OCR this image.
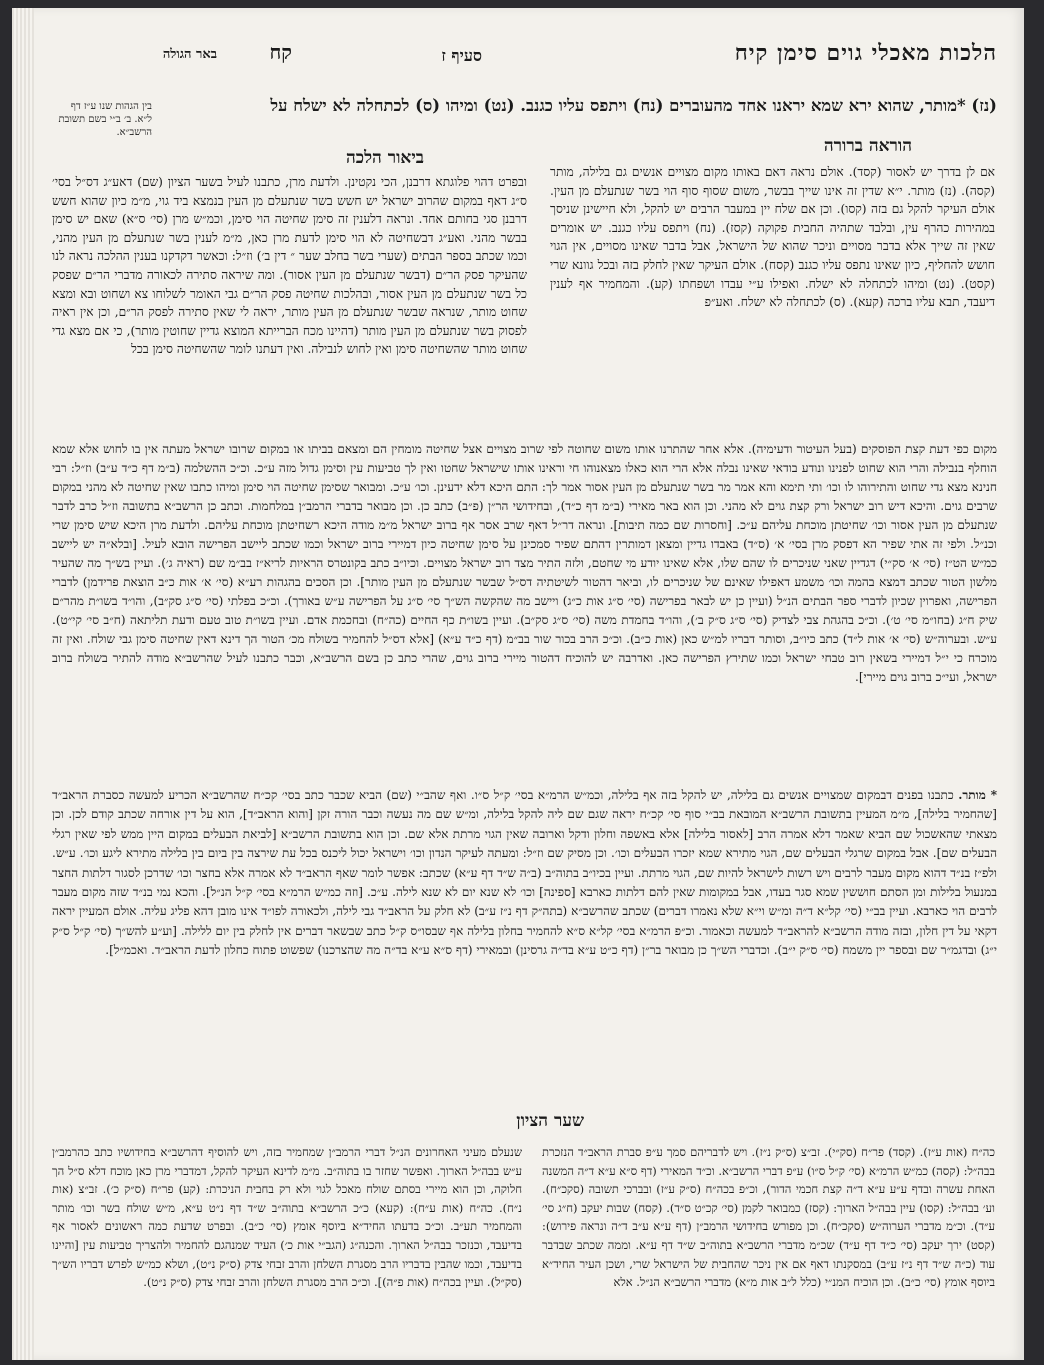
הלכות מאכלי גוים סימן קיח
סעיף ז
קח
באר הגולה
(נז) *מותר, שהוא ירא שמא יראנו אחד מהעוברים (נח) ויתפס עליו כגנב. (נט) ומיהו (ס) לכתחלה לא ישלח על
בין הגהות שנו ע״ז דף ל״א. ב׳ ב״י בשם תשובת הרשב״א.
הוראה ברורה
אם לן בדרך יש לאסור (קסד). אולם נראה דאם באותו מקום מצויים אנשים גם בלילה, מותר (קסה). (נז) מותר. י״א שדין זה אינו שייך בבשר, משום שסוף סוף הוי בשר שנתעלם מן העין. אולם העיקר להקל גם בזה (קסו). וכן אם שלח יין במעבר הרבים יש להקל, ולא חיישינן שניסך במהירות כהרף עין, ובלבד שתהיה החבית פקוקה (קסז). (נח) ויתפס עליו כגנב. יש אומרים שאין זה שייך אלא בדבר מסויים וניכר שהוא של הישראל, אבל בדבר שאינו מסויים, אין הגוי חושש להחליף, כיון שאינו נתפס עליו כגנב (קסח). אולם העיקר שאין לחלק בזה ובכל גוונא שרי (קסט). (נט) ומיהו לכתחלה לא ישלח. ואפילו ע״י עבדו ושפחתו (קע). והמחמיר אף לענין דיעבד, תבא עליו ברכה (קעא). (ס) לכתחלה לא ישלח. ואע״פ
ביאור הלכה
ובפרט דהוי פלוגתא דרבנן, הכי נקטינן. ולדעת מרן, כתבנו לעיל בשער הציון (שם) דאע״ג דס״ל בסי׳ ס״ג דאף במקום שהרוב ישראל יש חשש בשר שנתעלם מן העין בנמצא ביד גוי, מ״מ כיון שהוא חשש דרבנן סגי בחותם אחד. ונראה דלענין זה סימן שחיטה הוי סימן, וכמ״ש מרן (סי׳ ס״א) שאם יש סימן בבשר מהני. ואע״ג דבשחיטה לא הוי סימן לדעת מרן כאן, מ״מ לענין בשר שנתעלם מן העין מהני, וכמו שכתב בספר הבתים (שערי בשר בחלב שער ״ דין ב׳) וז״ל: וכאשר דקדקנו בענין ההלכה נראה לנו שהעיקר פסק הר״ם (דבשר שנתעלם מן העין אסור). ומה שיראה סתירה לכאורה מדברי הר״ם שפסק כל בשר שנתעלם מן העין אסור, ובהלכות שחיטה פסק הר״ם גבי האומר לשלוחו צא ושחוט ובא ומצא שחוט מותר, שנראה שבשר שנתעלם מן העין מותר, יראה לי שאין סתירה לפסק הר״ם, וכן אין ראיה לפסוק בשר שנתעלם מן העין מותר (דהיינו מכח הברייתא המוצא גדיין שחוטין מותר), כי אם מצא גדי שחוט מותר שהשחיטה סימן ואין לחוש לנבילה. ואין דעתנו לומר שהשחיטה סימן בכל
מקום כפי דעת קצת הפוסקים (בעל העיטור ודעימיה). אלא אחר שהתרנו אותו משום שחוטה לפי שרוב מצויים אצל שחיטה מומחין הם ומצאם בביתו או במקום שרובו ישראל מעתה אין בו לחוש אלא שמא הוחלף בנבילה והרי הוא שחוט לפנינו ונודע בודאי שאינו נבלה אלא הרי הוא כאלו מצאנוהו חי וראינו אותו שישראל שחטו ואין לך טביעות עין וסימן גדול מזה ע״כ. וכ״כ ההשלמה (ב״מ דף כ״ד ע״ב) וז״ל: רבי חנינא מצא גדי שחוט והתירוהו לו וכו׳ ותי תימא והא אמר מר בשר שנתעלם מן העין אסור אמר לך: התם היכא דלא ידעינן. וכו׳ ע״כ. ומבואר שסימן שחיטה הוי סימן ומיהו כתבו שאין שחיטה לא מהני במקום שרבים גוים. והיכא דיש רוב ישראל ורק קצת גוים לא מהני. וכן הוא באר מאירי (ב״מ דף כ״ד), ובחידושי הר״ן (פ״ב) כתב כן. וכן מבואר בדברי הרמב״ן במלחמות. וכתב כן הרשב״א בתשובה וז״ל כרב לדבר שנתעלם מן העין אסור וכו׳ שחיטתן מוכחת עליהם ע״כ. [וחסרות שם כמה תיבות]. ונראה דר״ל דאף שרב אסר אף ברוב ישראל מ״מ מודה היכא רשחיטתן מוכחת עליהם. ולדעת מרן היכא שיש סימן שרי וכנ״ל. ולפי זה אתי שפיר הא דפסק מרן בסי׳ א׳ (ס״ד) באבדו גדיין ומצאן דמותרין דהתם שפיר סמכינן על סימן שחיטה כיון דמיירי ברוב ישראל וכמו שכתב ליישב הפרישה הובא לעיל. [ובלא״ה יש ליישב כמ״ש הט״ז (סי׳ א׳ סק״י) דגדיין שאני שניכרים לו שהם שלו, אלא שאינו יודע מי שחטם, ולזה התיר מצד רוב ישראל מצויים. וכיו״ב כתב בקונטרס הראיות לריא״ז בב״מ שם (ראיה ג׳). ועיין בש״ך מה שהעיר מלשון הטור שכתב דמצא בהמה וכו׳ משמע דאפילו שאינם של שניכרים לו, וביאר דהטור לשיטתיה דס״ל שבשר שנתעלם מן העין מותר]. וכן הסכים בהגהות רע״א (סי׳ א׳ אות כ״ב הוצאת פרידמן) לדברי הפרישה, ואפרוין שכיון לדברי ספר הבתים הנ״ל (ועיין כן יש לבאר בפרישה (סי׳ ס״ג אות כ״ג) ויישב מה שהקשה הש״ך סי׳ ס״ג על הפרישה ע״ש באורך). וכ״כ בפלתי (סי׳ ס״ג סק״ב), והו״ד בשו״ת מהר״ם שיק ח״ג (בחו״מ סי׳ ט׳). וכ״כ בהגהת צבי לצדיק (סי׳ ס״ג ס״ק ב׳), והו״ד בחמדת משה (סי׳ ס״ג סק״ב). ועיין בשו״ת כף החיים (כה״ח) ובחכמת אדם. ועיין בשו״ת טוב טעם ודעת תליתאה (ח״ב סי׳ קי״ט). ע״ש. ובערוה״ש (סי׳ א׳ אות ל״ד) כתב כיו״ב, וסותר דבריו למ״ש כאן (אות כ״ב). וכ״כ הרב בכור שור בב״מ (דף כ״ד ע״א) [אלא דס״ל להחמיר בשולח מכ׳ הטור הך דינא דאין שחיטה סימן גבי שולח. ואין זה מוכרח כי י״ל דמיירי בשאין רוב טבחי ישראל וכמו שתירץ הפרישה כאן. ואדרבה יש להוכיח דהטור מיירי ברוב גוים, שהרי כתב כן בשם הרשב״א, וכבר כתבנו לעיל שהרשב״א מודה להתיר בשולח ברוב ישראל, ועי״כ ברוב גוים מיירי].
* מותר. כתבנו בפנים דבמקום שמצויים אנשים גם בלילה, יש להקל בזה אף בלילה, וכמ״ש הרמ״א בסי׳ ק״ל ס״ו. ואף שהב״י (שם) הביא שכבר כתב בסי׳ קכ״ח שהרשב״א הכריע למעשה כסברת הראב״ד [שהחמיר בלילה], מ״מ המעיין בתשובת הרשב״א המובאת בב״י סוף סי׳ קכ״ח יראה שגם שם ליה להקל בלילה, ומ״ש שם מה נעשה וכבר הורה זקן [והוא הראב״ד], הוא על דין אורחה שכתב קודם לכן. וכן מצאתי שהאשכול שם הביא שאמר דלא אמרה הרב [לאסור בלילה] אלא באשפה וחלון ודקל וארובה שאין הגוי מרתת אלא שם. וכן הוא בתשובת הרשב״א [לביאת הבעלים במקום היין ממש לפי שאין רגלי הבעלים שם]. אבל במקום שרגלי הבעלים שם, הגוי מתירא שמא יזכרו הבעלים וכו׳. וכן מסיק שם וז״ל: ומעתה לעיקר הנדון וכו׳ וישראל יכול ליכנס בכל עת שירצה בין ביום בין בלילה מתירא ליגע וכו׳. ע״ש. ולפ״ז בנ״ד דהוא מקום מעבר לרבים ויש רשות לישראל להיות שם, הגוי מרתת. ועיין בכיו״ב בתוה״ב (ב״ה ש״ד דף ע״א) שכתב: אפשר לומר שאף הראב״ד לא אמרה אלא בחצר וכו׳ שדרכן לסגור דלתות החצר במנעול בלילות ומן הסתם חוששין שמא סגר בעדו, אבל במקומות שאין להם דלתות כארבא [ספינה] וכו׳ לא שנא יום לא שנא לילה. ע״כ. [וזה כמ״ש הרמ״א בסי׳ ק״ל הנ״ל]. והכא נמי בנ״ד שזה מקום מעבר לרבים הוי כארבא. ועיין בב״י (סי׳ קל״א ד״ה ומ״ש וי״א שלא נאמרו דברים) שכתב שהרשב״א (בתה״ק דף נ״ז ע״ב) לא חלק על הראב״ד גבי לילה, ולכאורה לפו״ד אינו מובן דהא פליג עליה. אולם המעיין יראה דקאי על דין חלון, ובזה מודה הרשב״א להראב״ד למעשה וכאמור. וכ״פ הרמ״א בסי׳ קל״א ס״א להחמיר בחלון בלילה אף שבסו״ס ק״ל כתב שבשאר דברים אין לחלק בין יום ללילה. [וע״ע להש״ך (סי׳ ק״ל ס״ק י״ג) ובדגמ״ר שם ובספר יין משמח (סי׳ ס״ק י״ב). וכדברי הש״ך כן מבואר בר״ן (דף כ״ט ע״א בד״ה גרסינן) ובמאירי (דף ס״א ע״א בד״ה מה שהצרכנו) שפשוט פתוח כחלון לדעת הראב״ד. ואכמ״ל].
שער הציון
כה״ח (אות ע״ז). (קסד) פר״ח (סק״י). זב״צ (ס״ק נ״ז). ויש לדבריהם סמך ע״פ סברת הראב״ד הנזכרת בבה״ל: (קסה) כמ״ש הרמ״א (סי׳ ק״ל ס״ו) ע״פ דברי הרשב״א. וכ״ד המאירי (דף ס״א ע״א ד״ה המשנה האחת עשרה ובדף ע״ע ע״א ד״ה קצת חכמי הדור), וכ״פ בכה״ח (ס״ק ע״ז) ובברכי תשובה (סקכ״ח). וע׳ בבה״ל: (קסו) עיין בבה״ל הארוך: (קסז) כמבואר לקמן (סי׳ קכ״ט ס״ד). (קסח) שבות יעקב (ח״ג סי׳ ע״ד). וכ״מ מדברי הערוה״ש (סקכ״ח). וכן מפורש בחידושי הרמב״ן (דף ע״א ע״ב ד״ה ונראה פירוש): (קסט) ירך יעקב (סי׳ כ״ד דף ע״ד) שכ״מ מדברי הרשב״א בתוה״ב ש״ד דף ע״א. וממה שכתב שבדבר עוד (כ״ה ש״ד דף נ״ז ע״ב) במסקנתו דאף אם אין ניכר שהחבית של הישראל שרי, ושכן העיר החיד״א ביוסף אומץ (סי׳ כ״ב). וכן הוכיח המנ״י (כלל ל״ב אות מ״א) מדברי הרשב״א הנ״ל. אלא
שנעלם מעיני האחרונים הנ״ל דברי הרמב״ן שמחמיר בזה, ויש להוסיף דהרשב״א בחידושיו כתב כהרמב״ן ע״ש בבה״ל הארוך. ואפשר שחזר בו בתוה״ב. מ״מ לדינא העיקר להקל, דמדברי מרן כאן מוכח דלא ס״ל הך חלוקה, וכן הוא מיירי בסתם שולח מאכל לגוי ולא רק בחבית הניכרת: (קע) פר״ח (ס״ק כ׳). זב״צ (אות נ״ח). כה״ח (אות ע״ח): (קעא) כ״כ הרשב״א בתוה״ב ש״ד דף נ״ט ע״א, מ״ש שולח בשר וכו׳ מותר והמחמיר תע״ב. וכ״כ בדעתו החיד״א ביוסף אומץ (סי׳ כ״ב). ובפרט שדעת כמה ראשונים לאסור אף בדיעבד, וכנזכר בבה״ל הארוך. והכנה״ג (הגב״י אות כ׳) העיד שמנהגם להחמיר ולהצריך טביעות עין [והיינו בדיעבד, וכמו שהבין בדבריו הרב מסגרת השלחן והרב זבחי צדק (ס״ק נ״ט), ושלא כמ״ש לפרש דבריו הש״ך (סק״ל). ועיין בכה״ח (אות פ״ה)]. וכ״כ הרב מסגרת השלחן והרב זבחי צדק (ס״ק נ״ט).
